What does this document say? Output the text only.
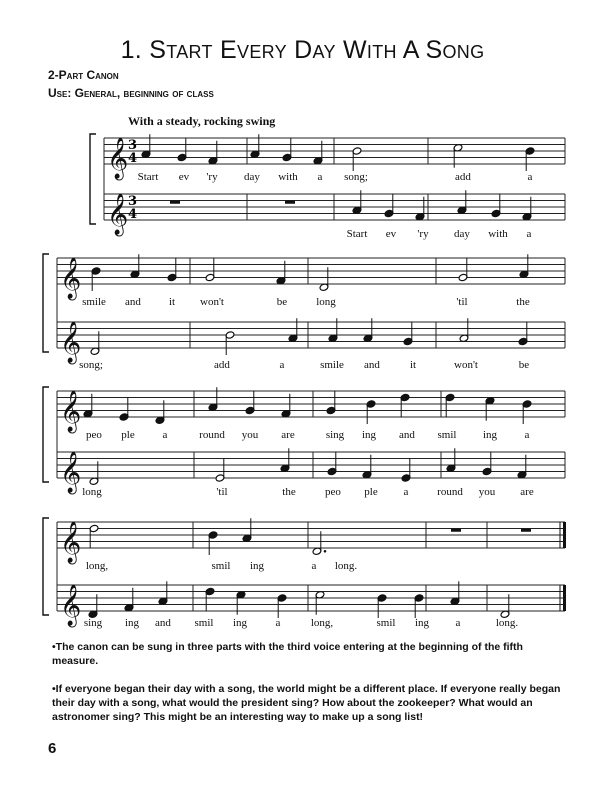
1. Start Every Day With A Song
2-Part Canon
Use: General, beginning of class
With a steady, rocking swing
𝄞
𝄞
3
4
3
4
Start ev 'ry day with a song;	add	a
Start ev 'ry day with a
𝄞
𝄞
smile and	it won't	be	long	'til	the
song;	add	a	smile and	it	won't	be
𝄞
𝄞
peo ple	a	round you are	sing ing and smil ing	a
long	'til	the	peo ple a	round you are
𝄞
𝄞
long,	smil ing	a long.
sing ing and smil ing	a	long,	smil ing a	long.
•The canon can be sung in three parts with the third voice entering at the beginning of the fifth measure.
•If everyone began their day with a song, the world might be a different place. If everyone really began their day with a song, what would the president sing? How about the zookeeper? What would an astronomer sing? This might be an interesting way to make up a song list!
6
